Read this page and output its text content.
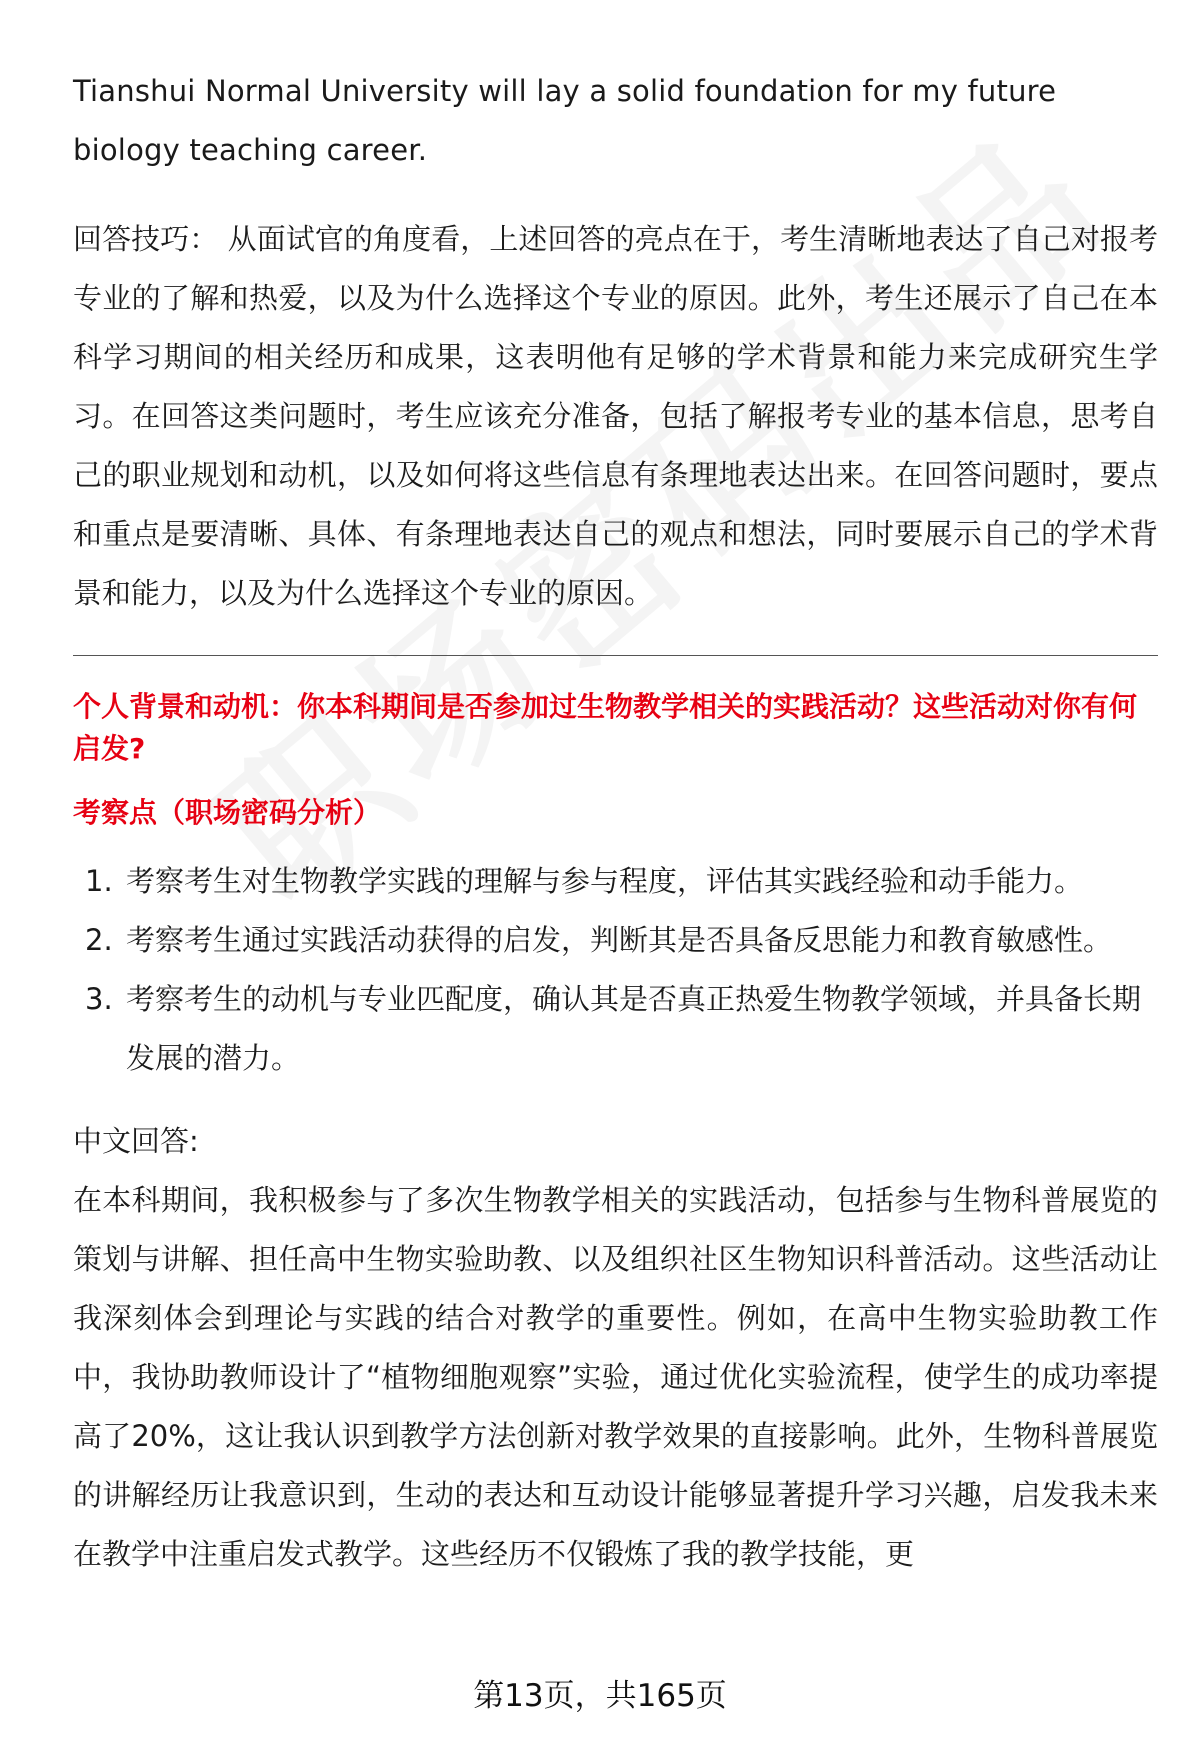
Tianshui Normal University will lay a solid foundation for my future biology teaching career.

回答技巧： 从面试官的角度看，上述回答的亮点在于，考生清晰地表达了自己对报考专业的了解和热爱，以及为什么选择这个专业的原因。此外，考生还展示了自己在本科学习期间的相关经历和成果，这表明他有足够的学术背景和能力来完成研究生学习。在回答这类问题时，考生应该充分准备，包括了解报考专业的基本信息，思考自己的职业规划和动机，以及如何将这些信息有条理地表达出来。在回答问题时，要点和重点是要清晰、具体、有条理地表达自己的观点和想法，同时要展示自己的学术背景和能力，以及为什么选择这个专业的原因。

个人背景和动机：你本科期间是否参加过生物教学相关的实践活动？这些活动对你有何启发?

考察点（职场密码分析）

1. 考察考生对生物教学实践的理解与参与程度，评估其实践经验和动手能力。
2. 考察考生通过实践活动获得的启发，判断其是否具备反思能力和教育敏感性。
3. 考察考生的动机与专业匹配度，确认其是否真正热爱生物教学领域，并具备长期发展的潜力。

中文回答:

在本科期间，我积极参与了多次生物教学相关的实践活动，包括参与生物科普展览的策划与讲解、担任高中生物实验助教、以及组织社区生物知识科普活动。这些活动让我深刻体会到理论与实践的结合对教学的重要性。例如，在高中生物实验助教工作中，我协助教师设计了“植物细胞观察”实验，通过优化实验流程，使学生的成功率提高了20%，这让我认识到教学方法创新对教学效果的直接影响。此外，生物科普展览的讲解经历让我意识到，生动的表达和互动设计能够显著提升学习兴趣，启发我未来在教学中注重启发式教学。这些经历不仅锻炼了我的教学技能，更

第13页，共165页
